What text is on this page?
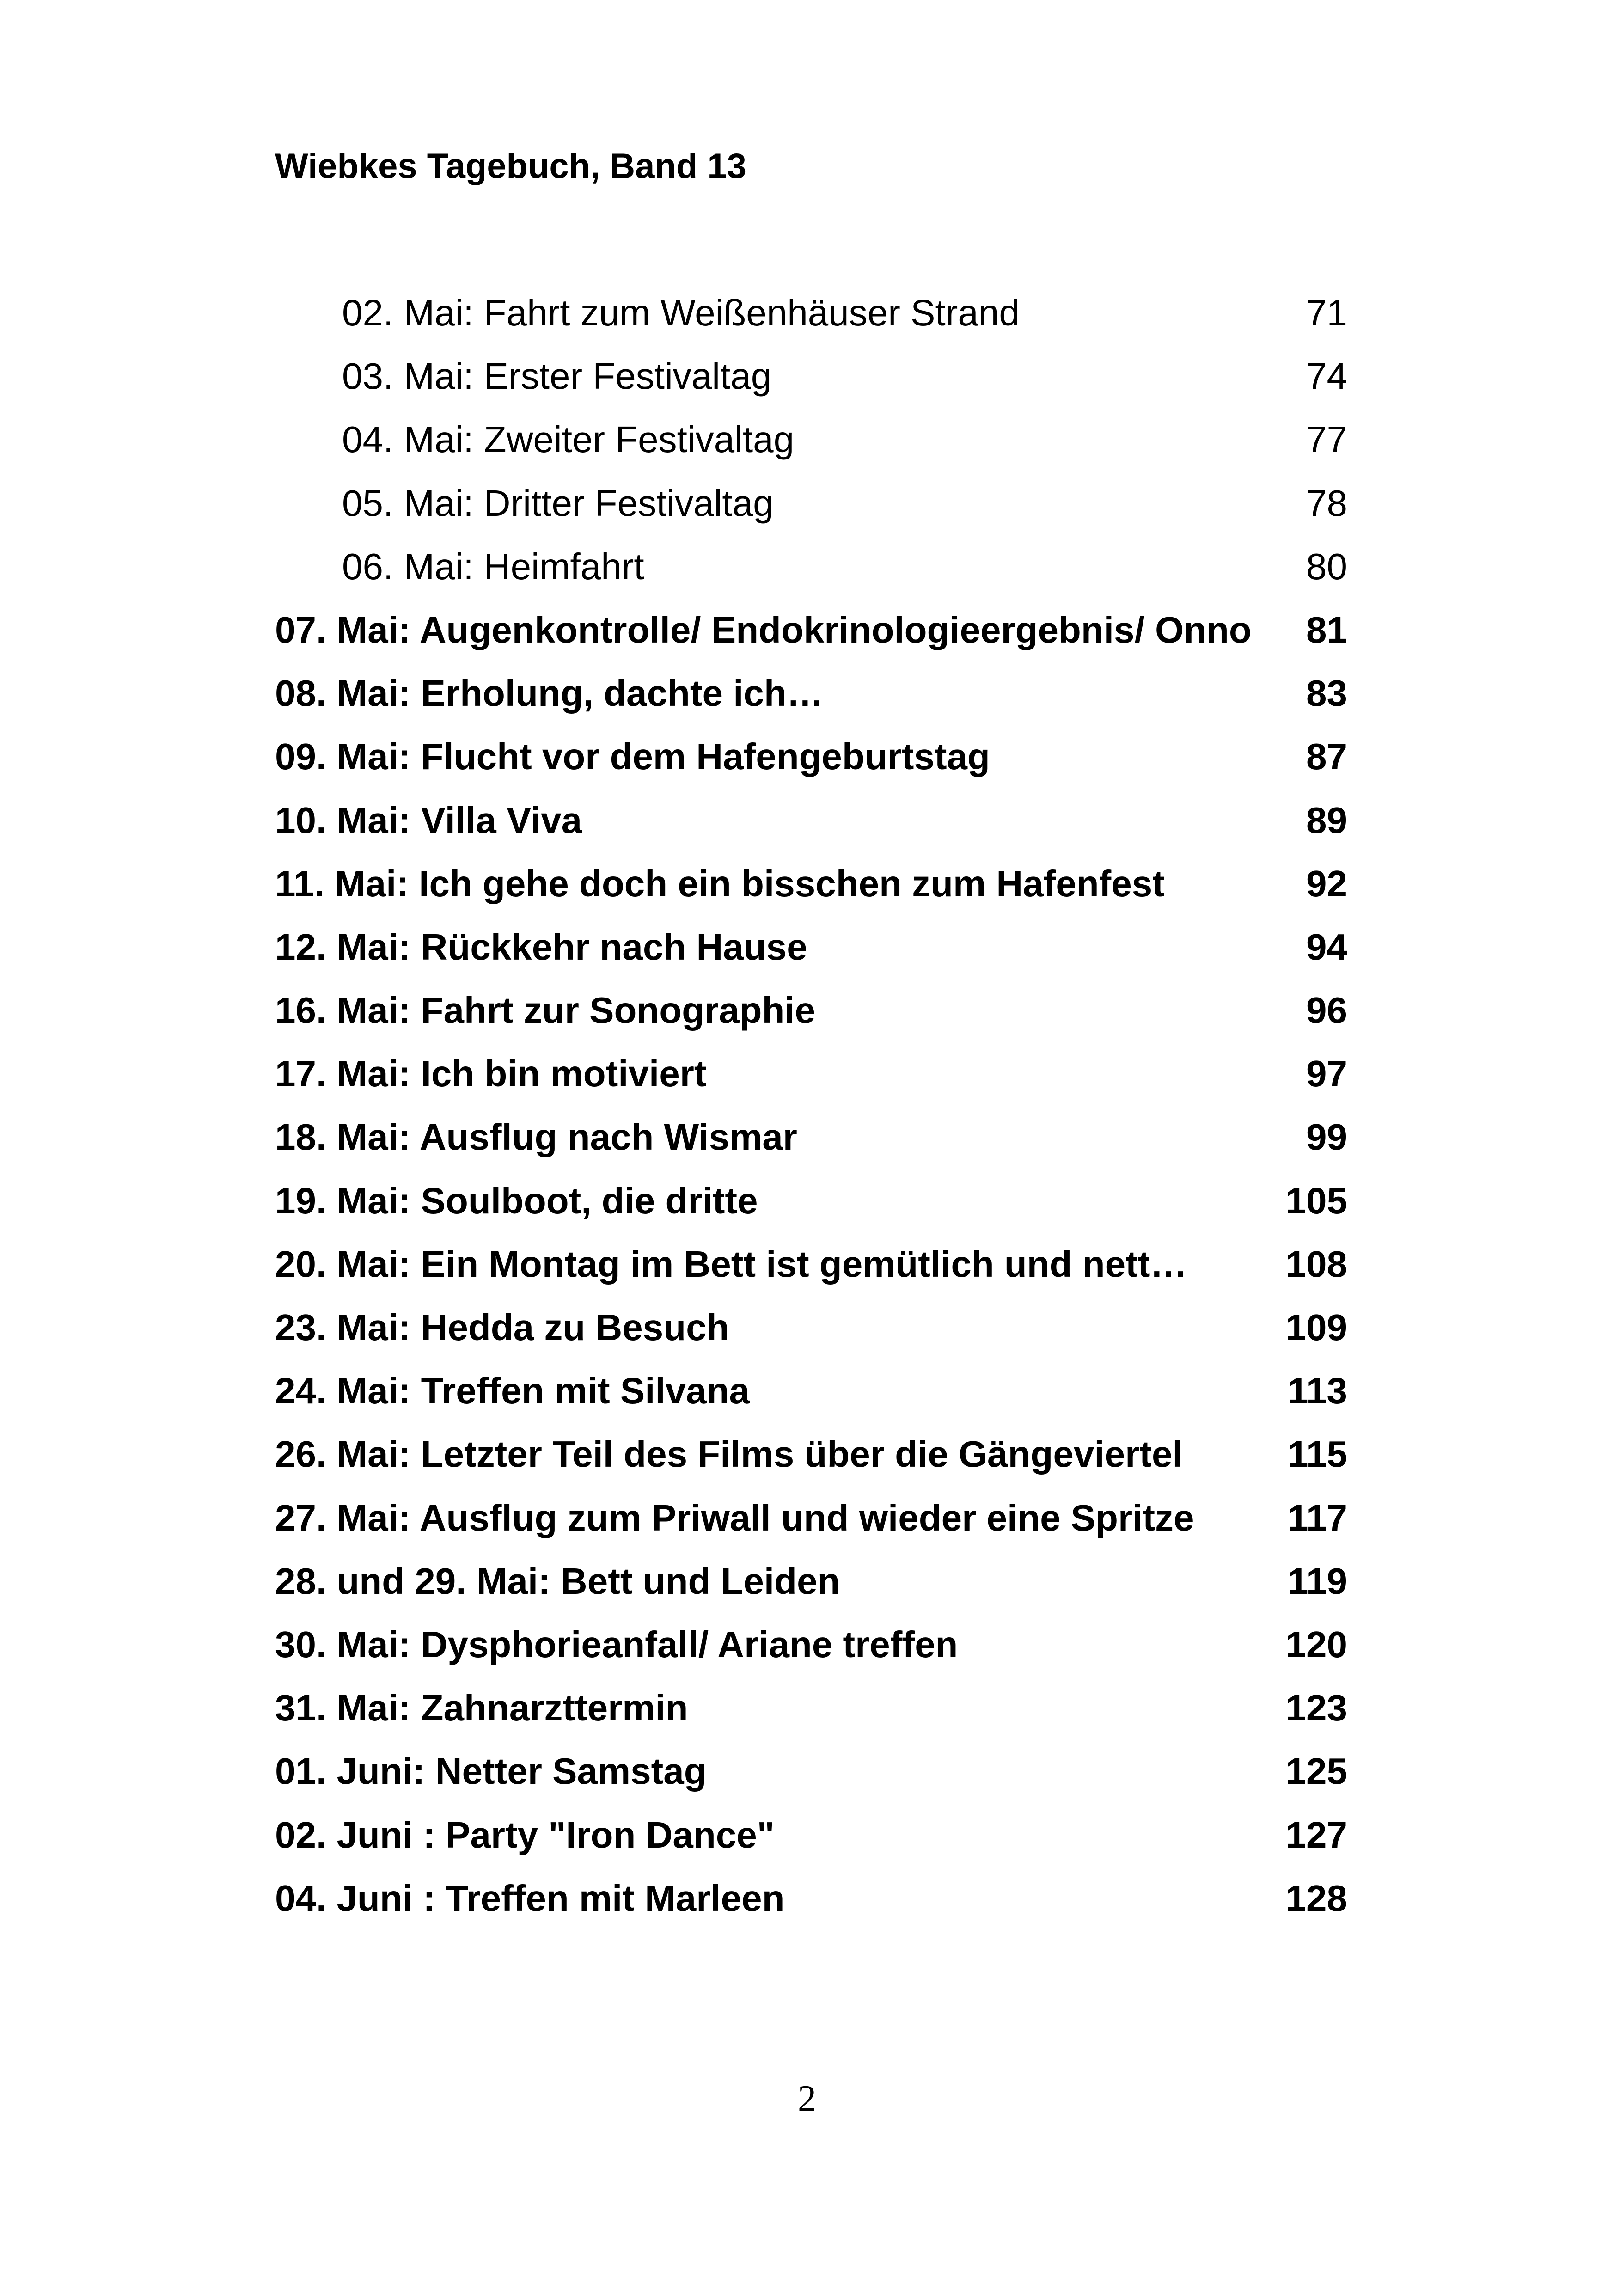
Wiebkes Tagebuch, Band 13
02. Mai: Fahrt zum Weißenhäuser Strand	71
03. Mai: Erster Festivaltag	74
04. Mai: Zweiter Festivaltag	77
05. Mai: Dritter Festivaltag	78
06. Mai: Heimfahrt	80
07. Mai: Augenkontrolle/ Endokrinologieergebnis/ Onno 81
08. Mai: Erholung, dachte ich…	83
09. Mai: Flucht vor dem Hafengeburtstag	87
10. Mai: Villa Viva	89
11. Mai: Ich gehe doch ein bisschen zum Hafenfest	92
12. Mai: Rückkehr nach Hause	94
16. Mai: Fahrt zur Sonographie	96
17. Mai: Ich bin motiviert	97
18. Mai: Ausflug nach Wismar	99
19. Mai: Soulboot, die dritte	105
20. Mai: Ein Montag im Bett ist gemütlich und nett…	108
23. Mai: Hedda zu Besuch	109
24. Mai: Treffen mit Silvana	113
26. Mai: Letzter Teil des Films über die Gängeviertel	115
27. Mai: Ausflug zum Priwall und wieder eine Spritze	117
28. und 29. Mai: Bett und Leiden	119
30. Mai: Dysphorieanfall/ Ariane treffen	120
31. Mai: Zahnarzttermin	123
01. Juni: Netter Samstag	125
02. Juni : Party "Iron Dance"	127
04. Juni : Treffen mit Marleen	128
2
